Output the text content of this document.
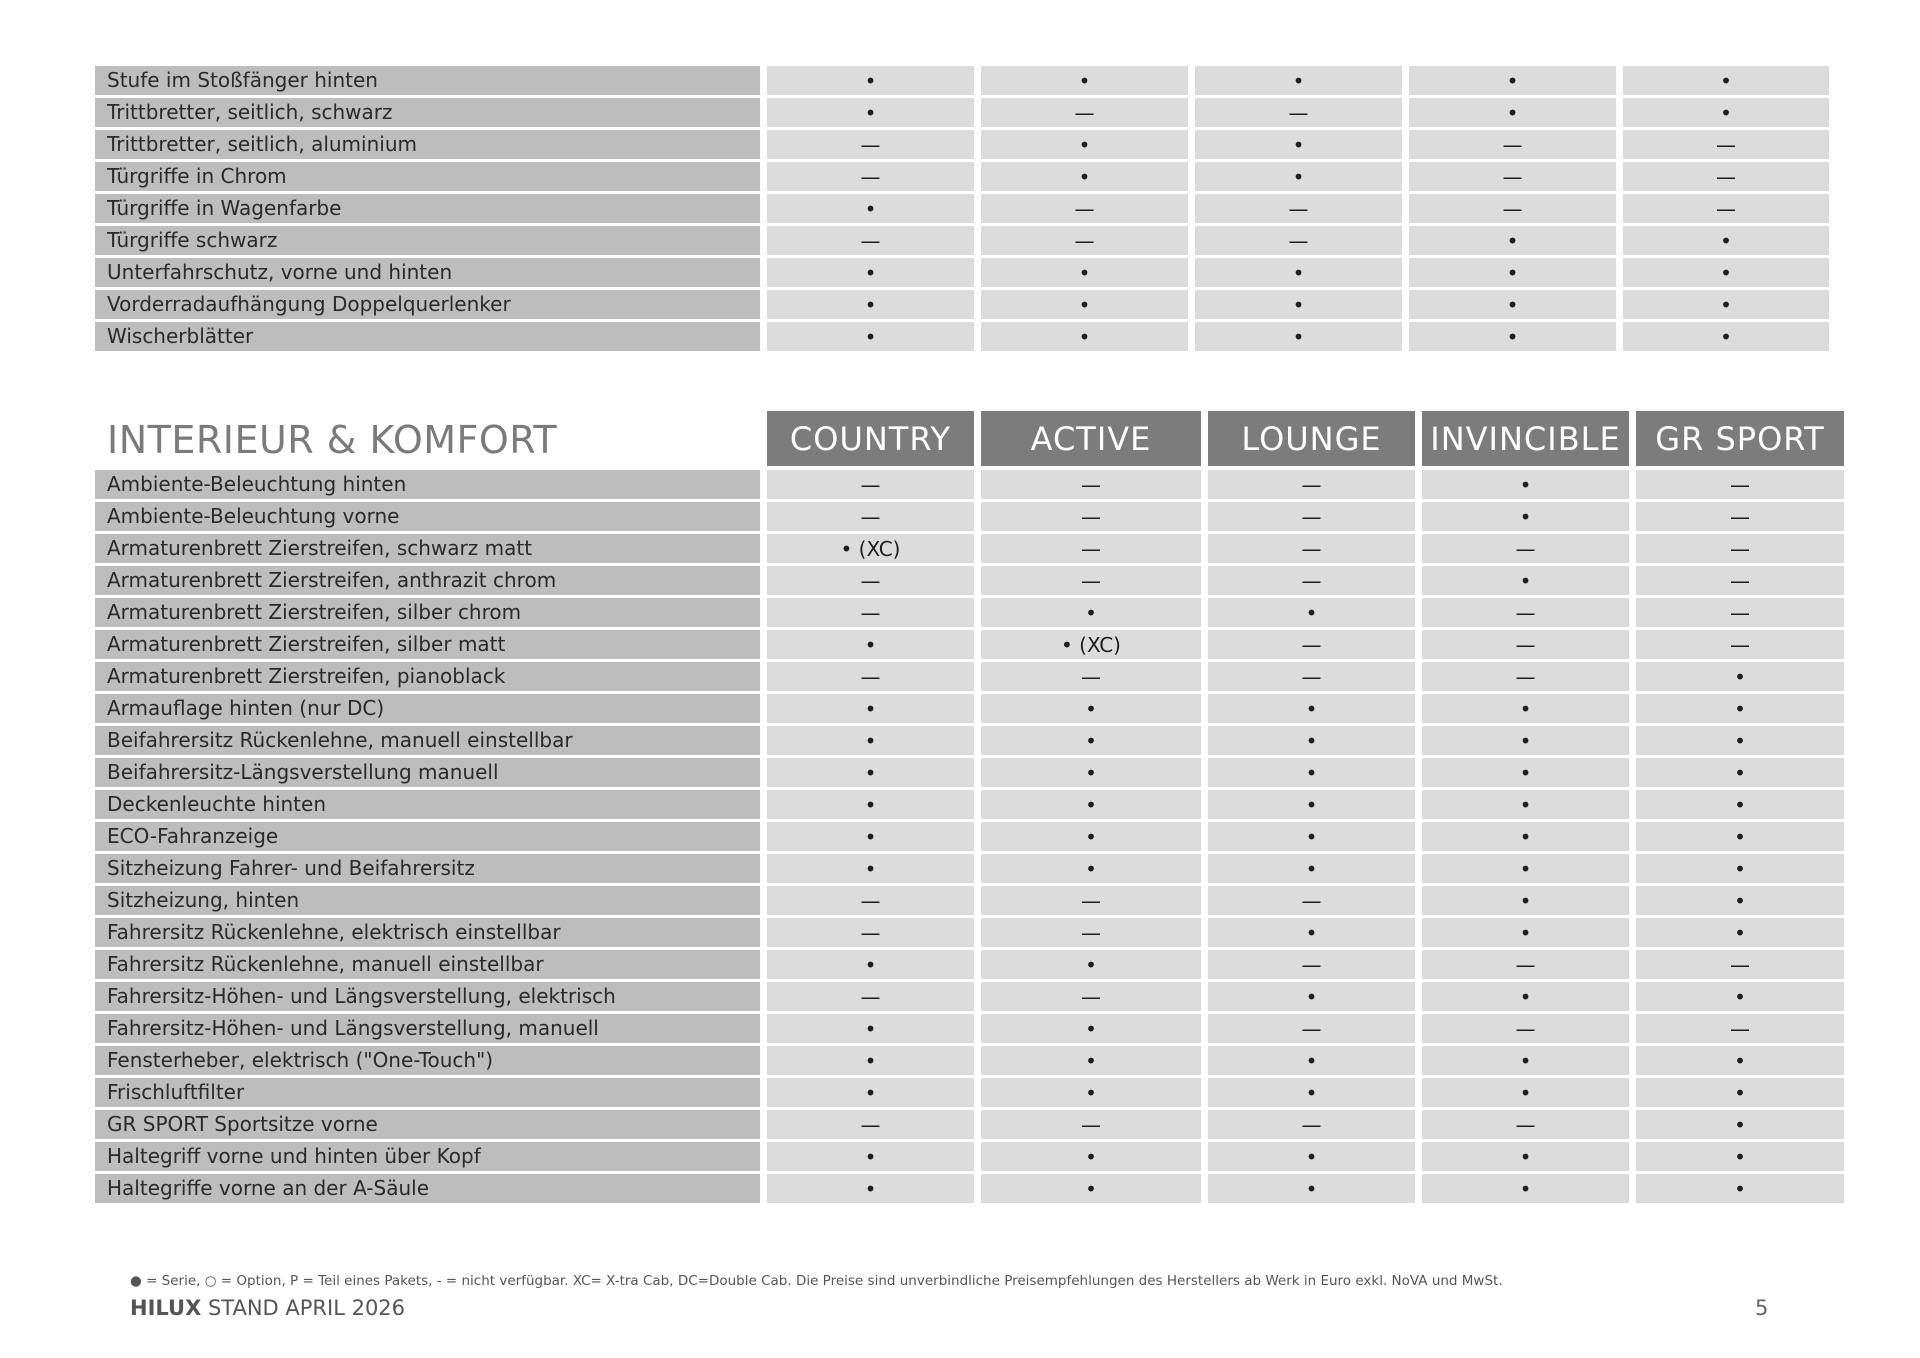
Stufe im Stoßfänger hinten	•	•	•	•	•
Trittbretter, seitlich, schwarz	•	—	—	•	•
Trittbretter, seitlich, aluminium	—	•	•	—	—
Türgriffe in Chrom	—	•	•	—	—
Türgriffe in Wagenfarbe	•	—	—	—	—
Türgriffe schwarz	—	—	—	•	•
Unterfahrschutz, vorne und hinten	•	•	•	•	•
Vorderradaufhängung Doppelquerlenker	•	•	•	•	•
Wischerblätter	•	•	•	•	•
INTERIEUR & KOMFORT	COUNTRY	ACTIVE	LOUNGE	INVINCIBLE	GR SPORT
Ambiente-Beleuchtung hinten	—	—	—	•	—
Ambiente-Beleuchtung vorne	—	—	—	•	—
Armaturenbrett Zierstreifen, schwarz matt	• (XC)	—	—	—	—
Armaturenbrett Zierstreifen, anthrazit chrom	—	—	—	•	—
Armaturenbrett Zierstreifen, silber chrom	—	•	•	—	—
Armaturenbrett Zierstreifen, silber matt	•	• (XC)	—	—	—
Armaturenbrett Zierstreifen, pianoblack	—	—	—	—	•
Armauflage hinten (nur DC)	•	•	•	•	•
Beifahrersitz Rückenlehne, manuell einstellbar	•	•	•	•	•
Beifahrersitz-Längsverstellung manuell	•	•	•	•	•
Deckenleuchte hinten	•	•	•	•	•
ECO-Fahranzeige	•	•	•	•	•
Sitzheizung Fahrer- und Beifahrersitz	•	•	•	•	•
Sitzheizung, hinten	—	—	—	•	•
Fahrersitz Rückenlehne, elektrisch einstellbar	—	—	•	•	•
Fahrersitz Rückenlehne, manuell einstellbar	•	•	—	—	—
Fahrersitz-Höhen- und Längsverstellung, elektrisch	—	—	•	•	•
Fahrersitz-Höhen- und Längsverstellung, manuell	•	•	—	—	—
Fensterheber, elektrisch ("One-Touch")	•	•	•	•	•
Frischluftfilter	•	•	•	•	•
GR SPORT Sportsitze vorne	—	—	—	—	•
Haltegriff vorne und hinten über Kopf	•	•	•	•	•
Haltegriffe vorne an der A-Säule	•	•	•	•	•
● = Serie, ○ = Option, P = Teil eines Pakets, - = nicht verfügbar. XC= X-tra Cab, DC=Double Cab. Die Preise sind unverbindliche Preisempfehlungen des Herstellers ab Werk in Euro exkl. NoVA und MwSt.
HILUX STAND APRIL 2026	5
